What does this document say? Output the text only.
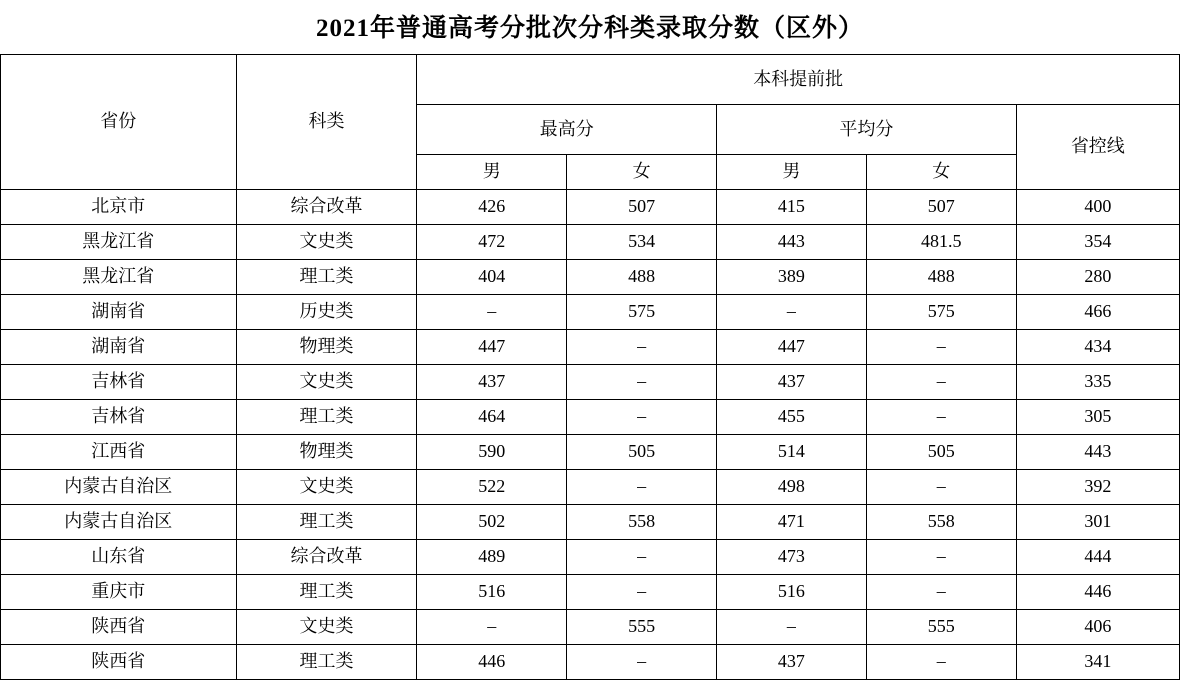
2021年普通高考分批次分科类录取分数（区外）
省份	科类	本科提前批				
		最高分		平均分		省控线
		男	女	男	女	
北京市	综合改革	426	507	415	507	400
黑龙江省	文史类	472	534	443	481.5	354
黑龙江省	理工类	404	488	389	488	280
湖南省	历史类	–	575	–	575	466
湖南省	物理类	447	–	447	–	434
吉林省	文史类	437	–	437	–	335
吉林省	理工类	464	–	455	–	305
江西省	物理类	590	505	514	505	443
内蒙古自治区	文史类	522	–	498	–	392
内蒙古自治区	理工类	502	558	471	558	301
山东省	综合改革	489	–	473	–	444
重庆市	理工类	516	–	516	–	446
陕西省	文史类	–	555	–	555	406
陕西省	理工类	446	–	437	–	341
